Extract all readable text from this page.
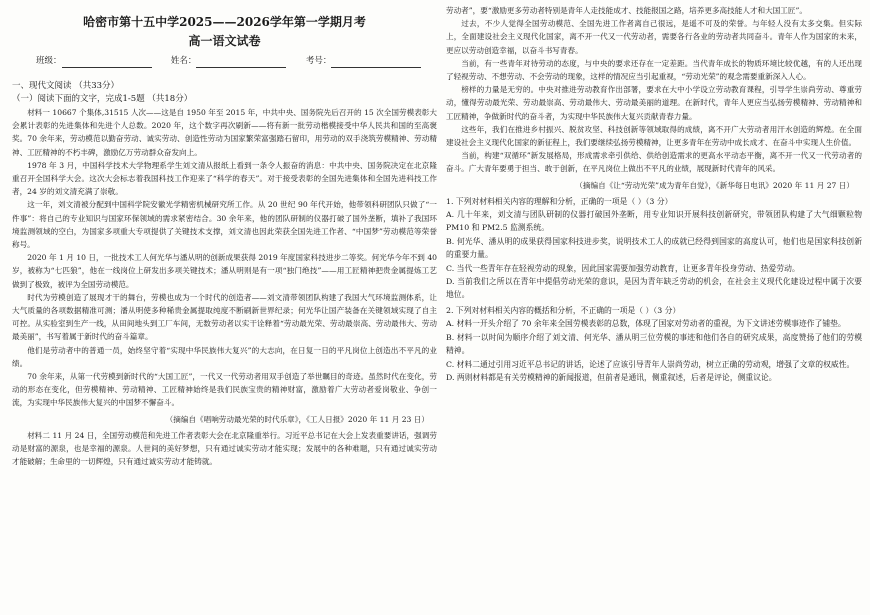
哈密市第十五中学2025——2026学年第一学期月考
高一语文试卷
班级：	姓名：	考号：
一、现代文阅读 （共33分）
（一）阅读下面的文字，完成1-5题 （共18分）

材料一 10667 个集体,31515 人次——这是自 1950 年至 2015 年，中共中央、国务院先后召开的 15 次全国劳模表彰大会累计表彰的先进集体和先进个人总数。2020 年，这个数字再次刷新——将有新一批劳动楷模接受中华人民共和国的至高褒奖。70 余年来，劳动模范以勤奋劳动、诚实劳动、创造性劳动为国家繁荣富强踏石留印，用劳动的双手浇筑劳模精神、劳动精神、工匠精神的不朽丰碑，激励亿万劳动群众奋发向上。

1978 年 3 月，中国科学技术大学物理系学生刘文清从报纸上看到一条令人振奋的消息：中共中央、国务院决定在北京隆重召开全国科学大会。这次大会标志着我国科技工作迎来了“科学的春天”。对于接受表彰的全国先进集体和全国先进科技工作者，24 岁的刘文清充满了崇敬。

这一年，刘文清被分配到中国科学院安徽光学精密机械研究所工作。从 20 世纪 90 年代开始，他带领科研团队只做了“一件事”：将自己的专业知识与国家环保领域的需求紧密结合。30 余年来，他的团队研制的仪器打破了国外垄断，填补了我国环境监测领域的空白，为国家多项重大专项提供了关键技术支撑，刘文清也因此荣获全国先进工作者、“中国梦”劳动模范等荣誉称号。

2020 年 1 月 10 日，一批技术工人何光华与潘从明的创新成果获得 2019 年度国家科技进步二等奖。何光华今年不到 40 岁，被称为“七匹狼”，他在一线岗位上研发出多项关键技术；潘从明则是有一项“独门绝技”——用工匠精神把贵金属提炼工艺做到了极致，被评为全国劳动模范。

时代为劳模创造了展现才干的舞台，劳模也成为一个时代的创造者——刘文清带领团队构建了我国大气环境监测体系，让大气质量的各项数据精准可测；潘从明使多种稀贵金属提取纯度不断刷新世界纪录；何光华让国产装备在关键领域实现了自主可控。从实验室到生产一线，从田间地头到工厂车间，无数劳动者以实干诠释着“劳动最光荣、劳动最崇高、劳动最伟大、劳动最美丽”，书写着属于新时代的奋斗篇章。

他们是劳动者中的普通一员，始终坚守着“实现中华民族伟大复兴”的大志向，在日复一日的平凡岗位上创造出不平凡的业绩。

70 余年来，从第一代劳模到新时代的“大国工匠”，一代又一代劳动者用双手创造了举世瞩目的奇迹。虽然时代在变化，劳动的形态在变化，但劳模精神、劳动精神、工匠精神始终是我们民族宝贵的精神财富，激励着广大劳动者爱岗敬业、争创一流，为实现中华民族伟大复兴的中国梦不懈奋斗。

（摘编自《唱响劳动最光荣的时代乐章》，《工人日报》2020 年 11 月 23 日）

材料二 11 月 24 日，全国劳动模范和先进工作者表彰大会在北京隆重举行。习近平总书记在大会上发表重要讲话，强调劳动是财富的源泉，也是幸福的源泉。人世间的美好梦想，只有通过诚实劳动才能实现；发展中的各种难题，只有通过诚实劳动才能破解；生命里的一切辉煌，只有通过诚实劳动才能铸就。

劳动者”，要“激励更多劳动者特别是青年人走技能成才、技能报国之路，培养更多高技能人才和大国工匠”。

过去，不少人觉得全国劳动模范、全国先进工作者离自己很远，是遥不可及的荣誉。与年轻人没有太多交集。但实际上，全面建设社会主义现代化国家，离不开一代又一代劳动者，需要各行各业的劳动者共同奋斗。青年人作为国家的未来，更应以劳动创造幸福，以奋斗书写青春。

当前，有一些青年对待劳动的态度，与中央的要求还存在一定差距。当代青年成长的物质环境比较优越，有的人还出现了轻视劳动、不想劳动、不会劳动的现象，这样的情况应当引起重视，“劳动光荣”的观念需要重新深入人心。

榜样的力量是无穷的。中央对推进劳动教育作出部署，要求在大中小学设立劳动教育课程，引导学生崇尚劳动、尊重劳动，懂得劳动最光荣、劳动最崇高、劳动最伟大、劳动最美丽的道理。在新时代，青年人更应当弘扬劳模精神、劳动精神和工匠精神，争做新时代的奋斗者，为实现中华民族伟大复兴贡献青春力量。

这些年，我们在推进乡村振兴、脱贫攻坚、科技创新等领域取得的成绩，离不开广大劳动者用汗水创造的辉煌。在全面建设社会主义现代化国家的新征程上，我们要继续弘扬劳模精神，让更多青年在劳动中成长成才、在奋斗中实现人生价值。

当前，构建“双循环”新发展格局，形成需求牵引供给、供给创造需求的更高水平动态平衡，离不开一代又一代劳动者的奋斗。广大青年要勇于担当、敢于创新，在平凡岗位上做出不平凡的业绩，展现新时代青年的风采。

（摘编自《让“劳动光荣”成为青年自觉》，《新华每日电讯》2020 年 11 月 27 日）

1. 下列对材料相关内容的理解和分析，正确的一项是（ ）（3 分）

A. 几十年来，刘文清与团队研制的仪器打破国外垄断，用专业知识开展科技创新研究，带领团队构建了大气细颗粒物 PM10 和 PM2.5 监测系统。

B. 何光华、潘从明的成果获得国家科技进步奖，说明技术工人的成就已经得到国家的高度认可，他们也是国家科技创新的重要力量。

C. 当代一些青年存在轻视劳动的现象，因此国家需要加强劳动教育，让更多青年投身劳动、热爱劳动。

D. 当前我们之所以在青年中提倡劳动光荣的意识，是因为青年缺乏劳动的机会，在社会主义现代化建设过程中属于次要地位。

2. 下列对材料相关内容的概括和分析，不正确的一项是（ ）（3 分）

A. 材料一开头介绍了 70 余年来全国劳模表彰的总数，体现了国家对劳动者的重视，为下文讲述劳模事迹作了铺垫。

B. 材料一以时间为顺序介绍了刘文清、何光华、潘从明三位劳模的事迹和他们各自的研究成果，高度赞扬了他们的劳模精神。

C. 材料二通过引用习近平总书记的讲话，论述了应该引导青年人崇尚劳动，树立正确的劳动观，增强了文章的权威性。

D. 两则材料都是有关劳模精神的新闻报道，但前者是通讯，侧重叙述，后者是评论，侧重议论。
